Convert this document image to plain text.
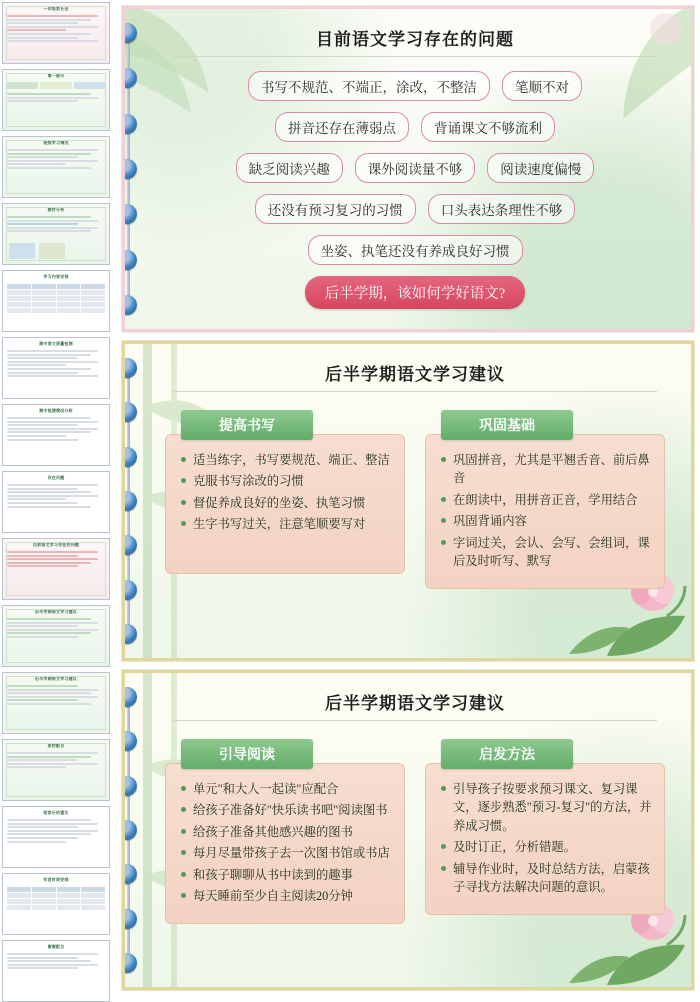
一年级家长会
第一部分
班级学习情况
教材分析
学习内容安排
期中语文质量检测
期中检测情况分析
存在问题
目前语文学习存在的问题
后半学期语文学习建议
后半学期语文学习建议
家校配合
给家长的建议
作息时间安排
谢谢配合
目前语文学习存在的问题
书写不规范、不端正，涂改，不整洁	笔顺不对
拼音还存在薄弱点	背诵课文不够流利
缺乏阅读兴趣	课外阅读量不够	阅读速度偏慢
还没有预习复习的习惯	口头表达条理性不够
坐姿、执笔还没有养成良好习惯
后半学期，该如何学好语文?
后半学期语文学习建议
提高书写
适当练字，书写要规范、端正、整洁
克服书写涂改的习惯
督促养成良好的坐姿、执笔习惯
生字书写过关，注意笔顺要写对
巩固基础
巩固拼音，尤其是平翘舌音、前后鼻音
在朗读中，用拼音正音，学用结合
巩固背诵内容
字词过关，会认、会写、会组词，课后及时听写、默写
后半学期语文学习建议
引导阅读
单元"和大人一起读"应配合
给孩子准备好"快乐读书吧"阅读图书
给孩子准备其他感兴趣的图书
每月尽量带孩子去一次图书馆或书店
和孩子聊聊从书中读到的趣事
每天睡前至少自主阅读20分钟
启发方法
引导孩子按要求预习课文、复习课文，逐步熟悉"预习-复习"的方法，并养成习惯。
及时订正，分析错题。
辅导作业时，及时总结方法，启蒙孩子寻找方法解决问题的意识。
